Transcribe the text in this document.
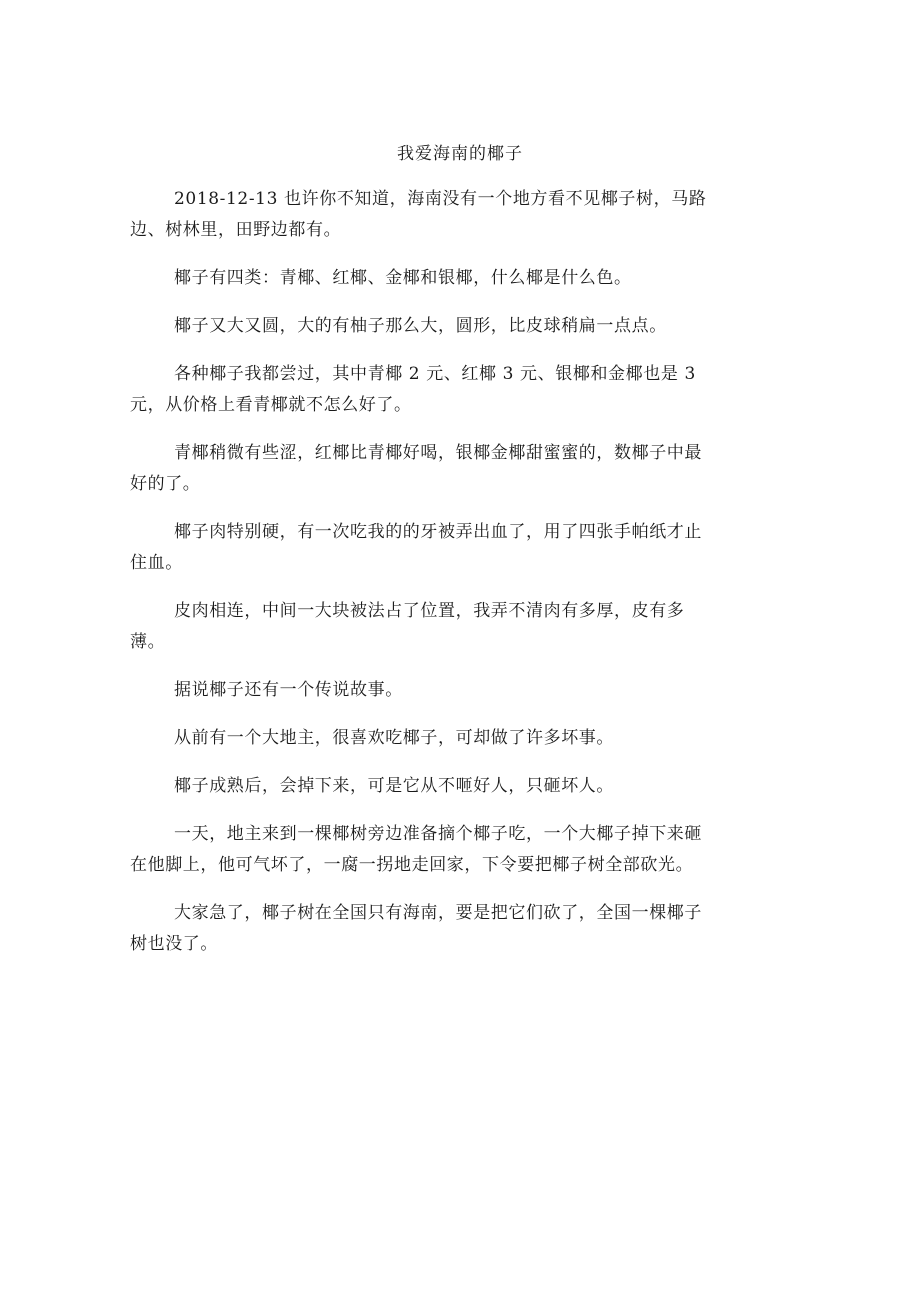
我爱海南的椰子

2018-12-13 也许你不知道，海南没有一个地方看不见椰子树，马路边、树林里，田野边都有。

椰子有四类：青椰、红椰、金椰和银椰，什么椰是什么色。

椰子又大又圆，大的有柚子那么大，圆形，比皮球稍扁一点点。

各种椰子我都尝过，其中青椰 2 元、红椰 3 元、银椰和金椰也是 3 元，从价格上看青椰就不怎么好了。

青椰稍微有些涩，红椰比青椰好喝，银椰金椰甜蜜蜜的，数椰子中最好的了。

椰子肉特别硬，有一次吃我的的牙被弄出血了，用了四张手帕纸才止住血。

皮肉相连，中间一大块被法占了位置，我弄不清肉有多厚，皮有多薄。

据说椰子还有一个传说故事。

从前有一个大地主，很喜欢吃椰子，可却做了许多坏事。

椰子成熟后，会掉下来，可是它从不咂好人，只砸坏人。

一天，地主来到一棵椰树旁边准备摘个椰子吃，一个大椰子掉下来砸在他脚上，他可气坏了，一腐一拐地走回家，下令要把椰子树全部砍光。

大家急了，椰子树在全国只有海南，要是把它们砍了，全国一棵椰子树也没了。
